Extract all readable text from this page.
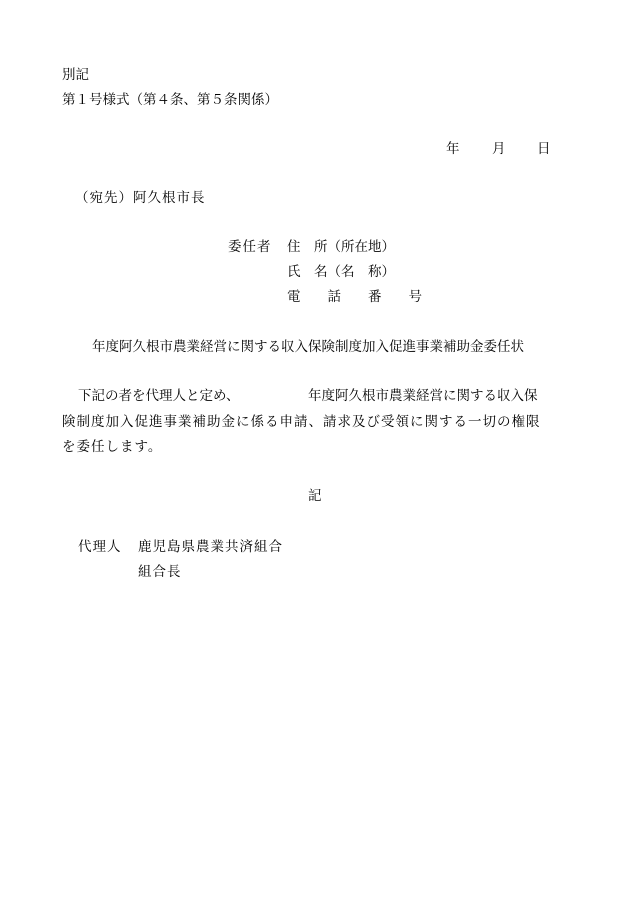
別記
第１号様式（第４条、第５条関係）
年 月 日
（宛先）阿久根市長
委任者 住　所（所在地）
氏　名（名　称）
電　　話　　番　　号
年度阿久根市農業経営に関する収入保険制度加入促進事業補助金委任状
下記の者を代理人と定め、	年度阿久根市農業経営に関する収入保
険制度加入促進事業補助金に係る申請、請求及び受領に関する一切の権限
を委任します。
記
代理人 鹿児島県農業共済組合
組合長
